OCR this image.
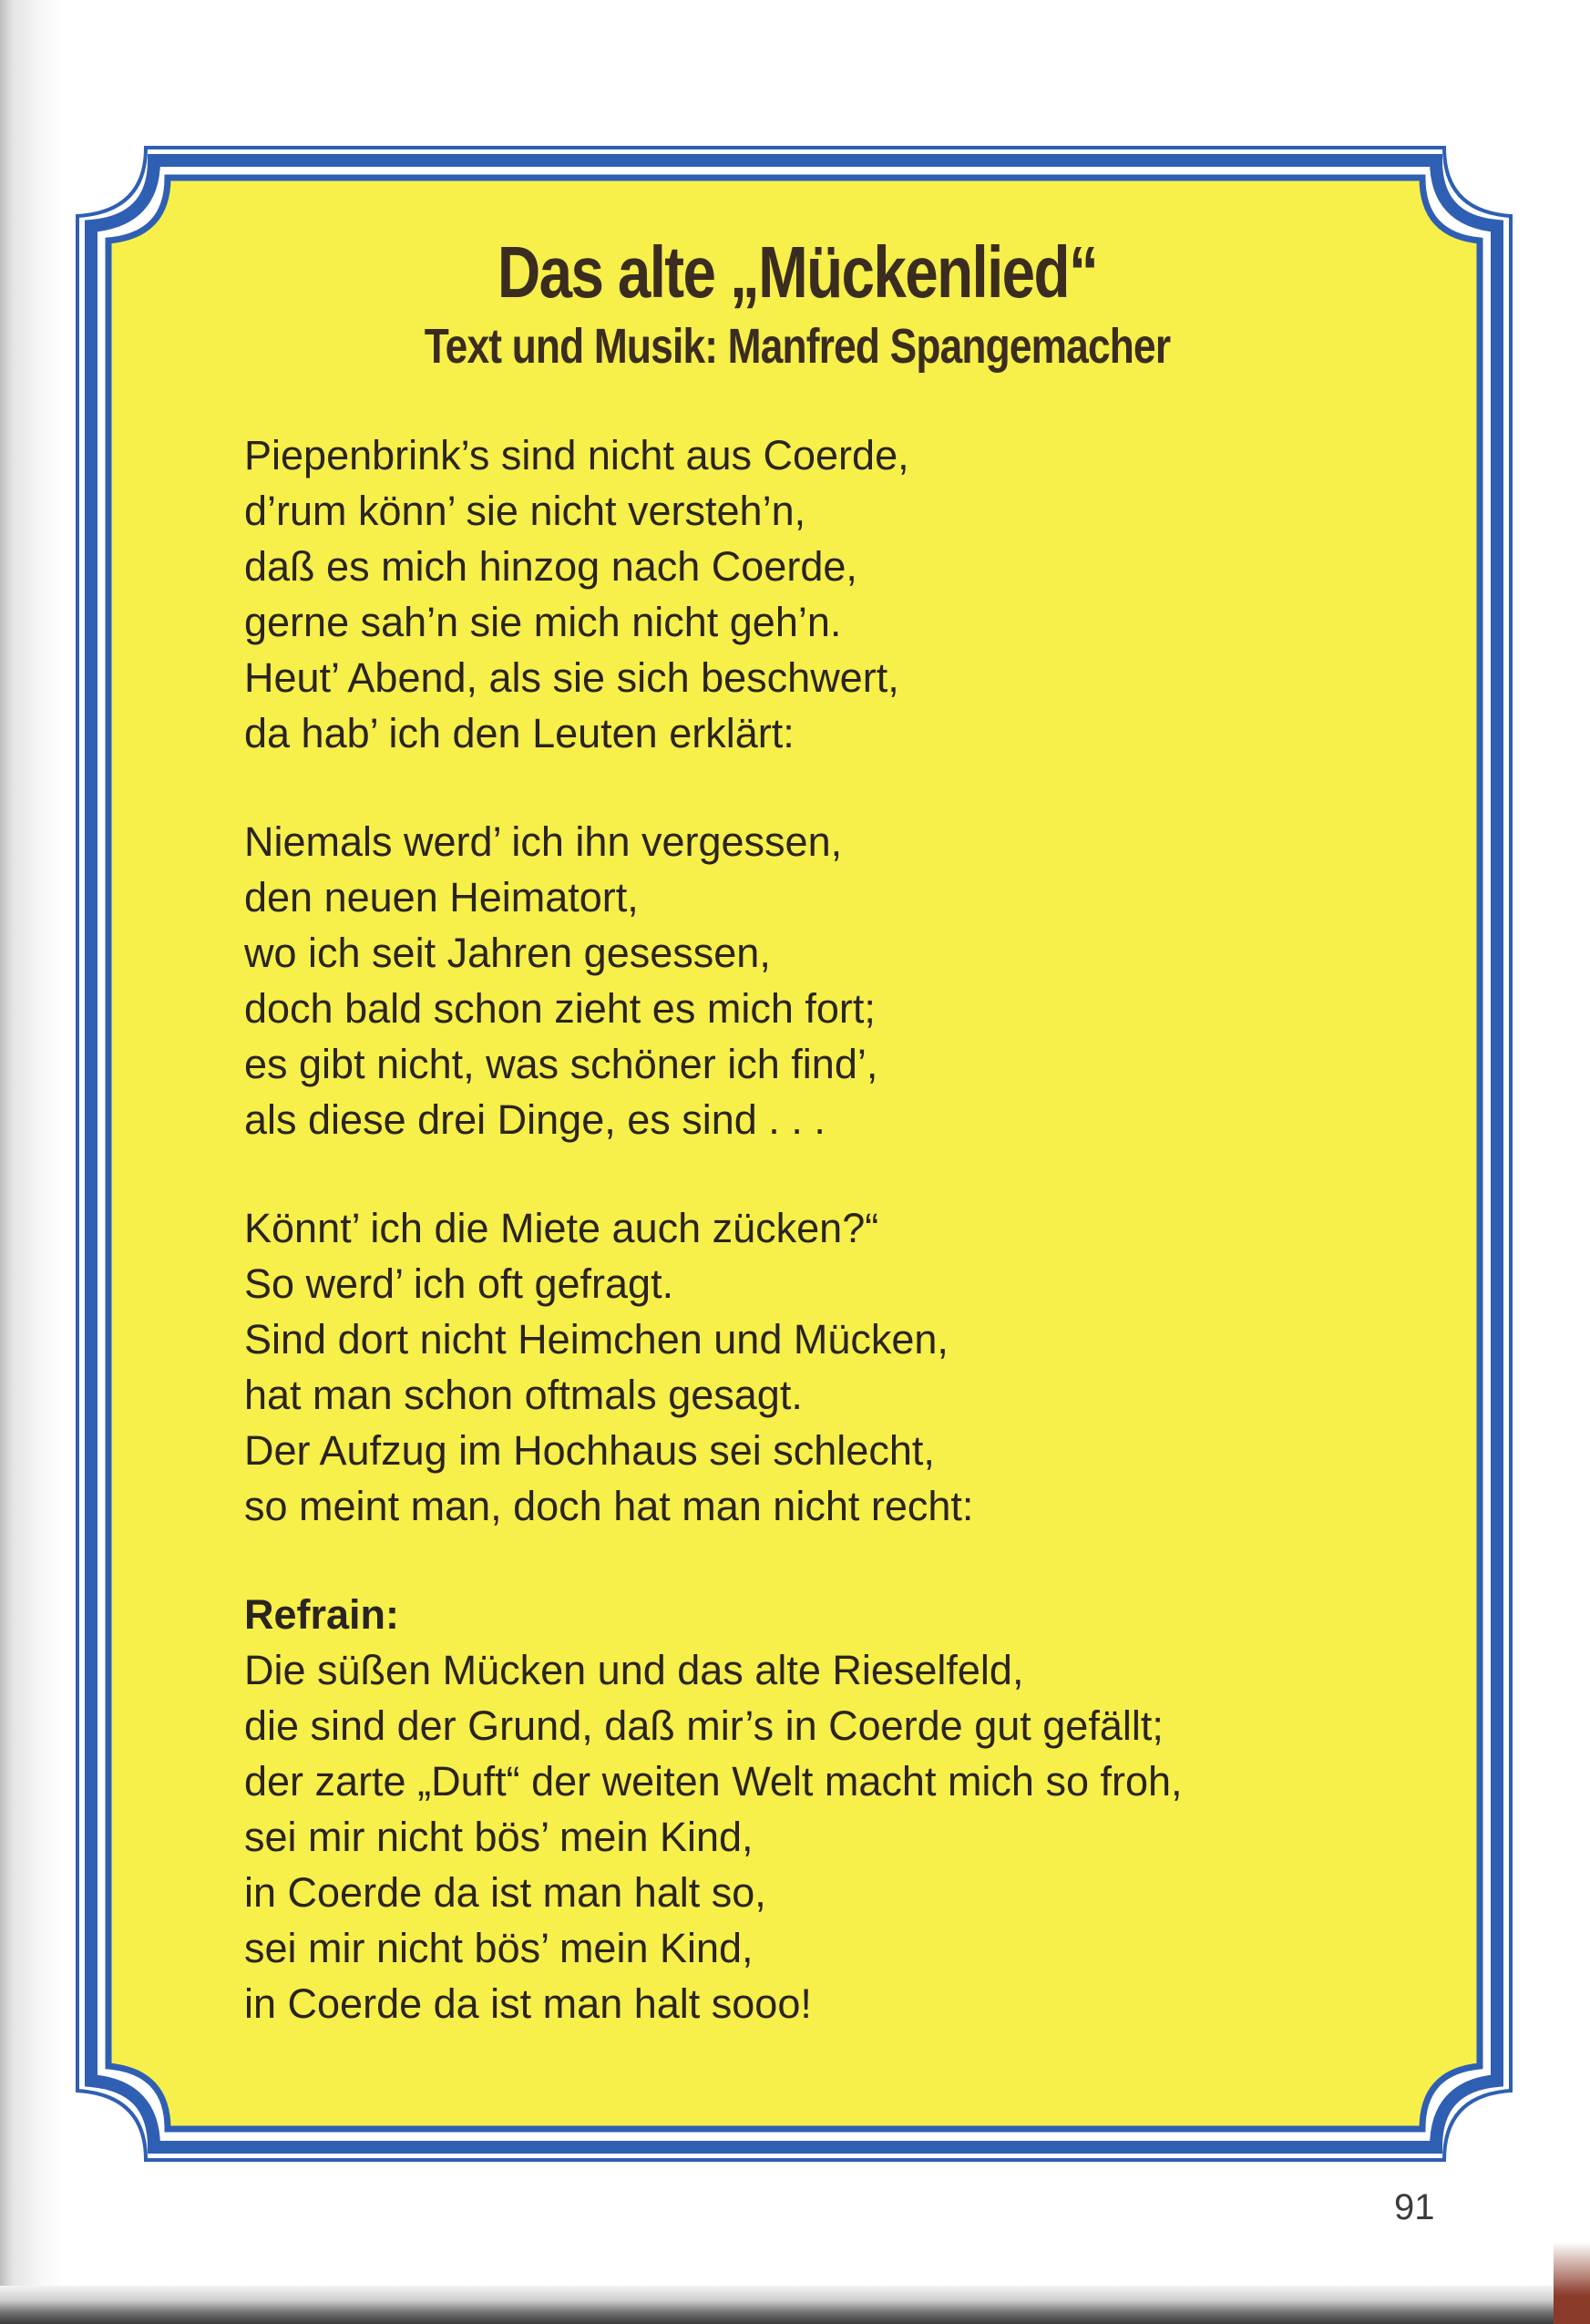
Das alte „Mückenlied“
Text und Musik: Manfred Spangemacher
Piepenbrink’s sind nicht aus Coerde,
d’rum könn’ sie nicht versteh’n,
daß es mich hinzog nach Coerde,
gerne sah’n sie mich nicht geh’n.
Heut’ Abend, als sie sich beschwert,
da hab’ ich den Leuten erklärt:
Niemals werd’ ich ihn vergessen,
den neuen Heimatort,
wo ich seit Jahren gesessen,
doch bald schon zieht es mich fort;
es gibt nicht, was schöner ich find’,
als diese drei Dinge, es sind . . .
Könnt’ ich die Miete auch zücken?“
So werd’ ich oft gefragt.
Sind dort nicht Heimchen und Mücken,
hat man schon oftmals gesagt.
Der Aufzug im Hochhaus sei schlecht,
so meint man, doch hat man nicht recht:
Refrain:
Die süßen Mücken und das alte Rieselfeld,
die sind der Grund, daß mir’s in Coerde gut gefällt;
der zarte „Duft“ der weiten Welt macht mich so froh,
sei mir nicht bös’ mein Kind,
in Coerde da ist man halt so,
sei mir nicht bös’ mein Kind,
in Coerde da ist man halt sooo!
91
